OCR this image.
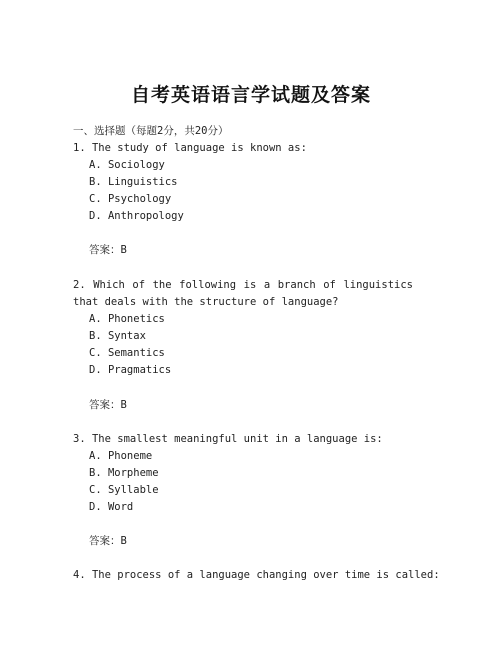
自考英语语言学试题及答案
一、选择题（每题2分，共20分）
1. The study of language is known as:
A. Sociology
B. Linguistics
C. Psychology
D. Anthropology
答案：B
2. Which of the following is a branch of linguistics that deals with the structure of language?
A. Phonetics
B. Syntax
C. Semantics
D. Pragmatics
答案：B
3. The smallest meaningful unit in a language is:
A. Phoneme
B. Morpheme
C. Syllable
D. Word
答案：B
4. The process of a language changing over time is called:
